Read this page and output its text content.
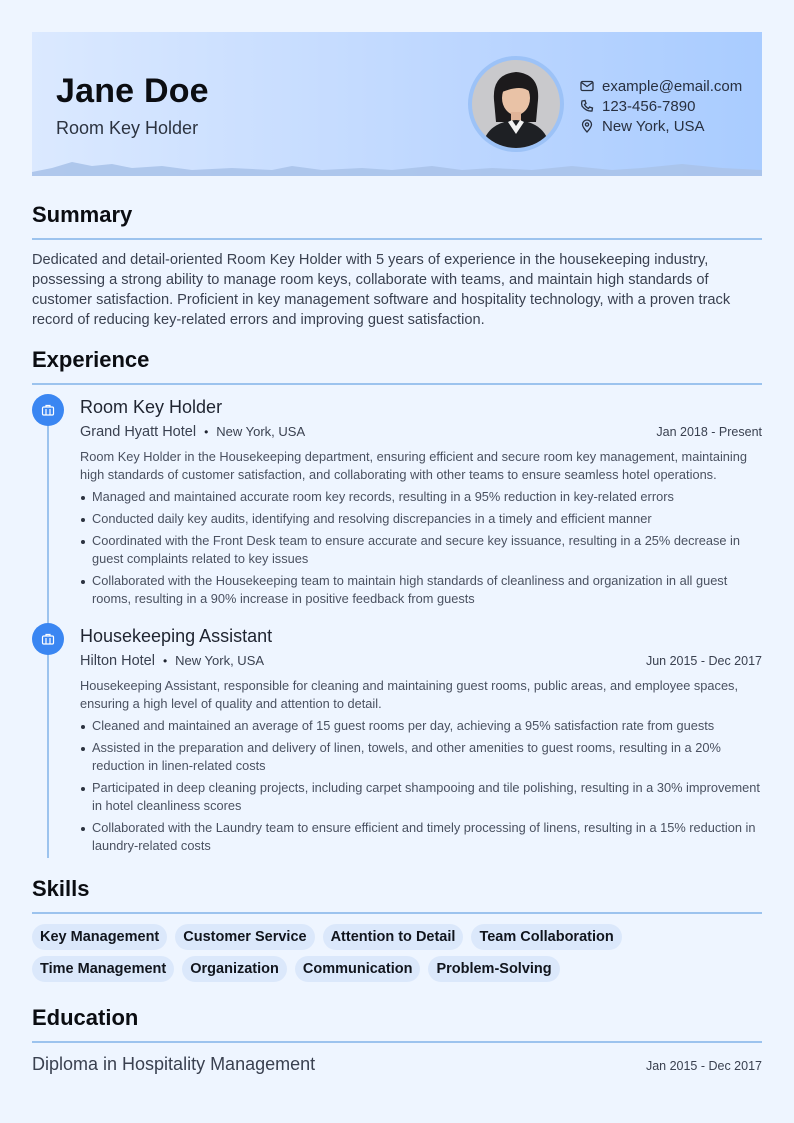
Jane Doe
Room Key Holder
example@email.com
123-456-7890
New York, USA
Summary
Dedicated and detail-oriented Room Key Holder with 5 years of experience in the housekeeping industry, possessing a strong ability to manage room keys, collaborate with teams, and maintain high standards of customer satisfaction. Proficient in key management software and hospitality technology, with a proven track record of reducing key-related errors and improving guest satisfaction.
Experience
Room Key Holder
Grand Hyatt Hotel • New York, USA	Jan 2018 - Present
Room Key Holder in the Housekeeping department, ensuring efficient and secure room key management, maintaining high standards of customer satisfaction, and collaborating with other teams to ensure seamless hotel operations.
Managed and maintained accurate room key records, resulting in a 95% reduction in key-related errors
Conducted daily key audits, identifying and resolving discrepancies in a timely and efficient manner
Coordinated with the Front Desk team to ensure accurate and secure key issuance, resulting in a 25% decrease in guest complaints related to key issues
Collaborated with the Housekeeping team to maintain high standards of cleanliness and organization in all guest rooms, resulting in a 90% increase in positive feedback from guests
Housekeeping Assistant
Hilton Hotel • New York, USA	Jun 2015 - Dec 2017
Housekeeping Assistant, responsible for cleaning and maintaining guest rooms, public areas, and employee spaces, ensuring a high level of quality and attention to detail.
Cleaned and maintained an average of 15 guest rooms per day, achieving a 95% satisfaction rate from guests
Assisted in the preparation and delivery of linen, towels, and other amenities to guest rooms, resulting in a 20% reduction in linen-related costs
Participated in deep cleaning projects, including carpet shampooing and tile polishing, resulting in a 30% improvement in hotel cleanliness scores
Collaborated with the Laundry team to ensure efficient and timely processing of linens, resulting in a 15% reduction in laundry-related costs
Skills
Key Management	Customer Service	Attention to Detail	Team Collaboration
Time Management	Organization	Communication	Problem-Solving
Education
Diploma in Hospitality Management	Jan 2015 - Dec 2017
